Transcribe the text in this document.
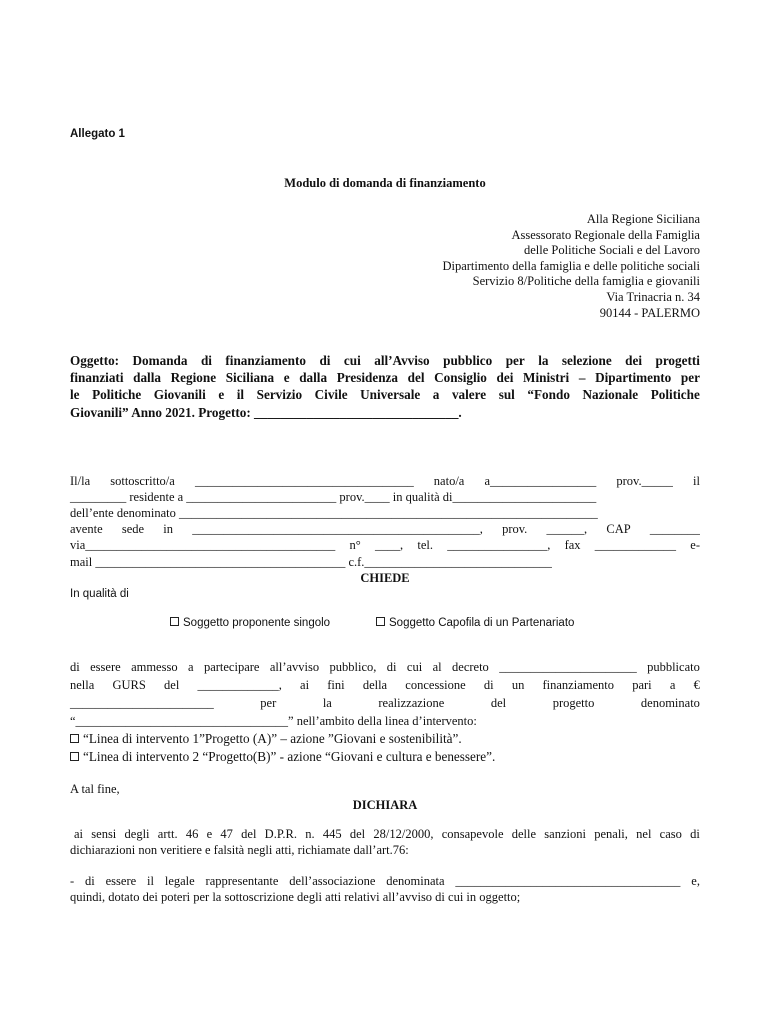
Allegato 1
Modulo di domanda di finanziamento
Alla Regione Siciliana
Assessorato Regionale della Famiglia
delle Politiche Sociali e del Lavoro
Dipartimento della famiglia e delle politiche sociali
Servizio 8/Politiche della famiglia e giovanili
Via Trinacria n. 34
90144 - PALERMO
Oggetto: Domanda di finanziamento di cui all’Avviso pubblico per la selezione dei progetti
finanziati dalla Regione Siciliana e dalla Presidenza del Consiglio dei Ministri – Dipartimento per
le Politiche Giovanili e il Servizio Civile Universale a valere sul “Fondo Nazionale Politiche
Giovanili” Anno 2021. Progetto: _______________________________.
Il/la sottoscritto/a ___________________________________ nato/a a_________________ prov._____ il
_________ residente a ________________________ prov.____ in qualità di_______________________
dell’ente denominato ___________________________________________________________________
avente sede in ______________________________________________, prov. ______, CAP ________
via________________________________________ n° ____, tel. ________________, fax _____________ e-
mail ________________________________________ c.f.______________________________
CHIEDE
In qualità di
Soggetto proponente singolo	Soggetto Capofila di un Partenariato
di essere ammesso a partecipare all’avviso pubblico, di cui al decreto ______________________ pubblicato
nella GURS del _____________, ai fini della concessione di un finanziamento pari a €
_______________________	per	la	realizzazione	del	progetto	denominato
“__________________________________” nell’ambito della linea d’intervento:
“Linea di intervento 1”Progetto (A)” – azione ”Giovani e sostenibilità”.
“Linea di intervento 2 “Progetto(B)” - azione “Giovani e cultura e benessere”.
A tal fine,
DICHIARA
ai sensi degli artt. 46 e 47 del D.P.R. n. 445 del 28/12/2000, consapevole delle sanzioni penali, nel caso di
dichiarazioni non veritiere e falsità negli atti, richiamate dall’art.76:
- di essere il legale rappresentante dell’associazione denominata ____________________________________ e,
quindi, dotato dei poteri per la sottoscrizione degli atti relativi all’avviso di cui in oggetto;
